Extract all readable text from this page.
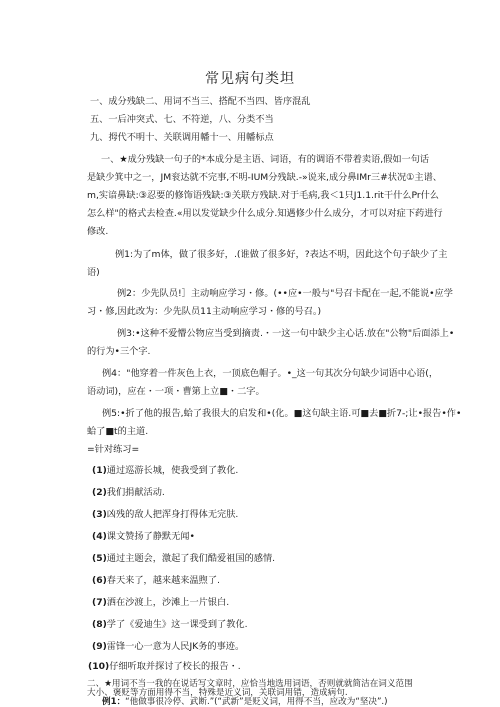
常见病句类坦
一、成分残缺二、用词不当三、搭配不当四、皆序混乱
五、一后冲突式、七、不符逆，八、分类不当
九、拇代不明十、关联调用幡十一、用幡标点
一、★成分残缺一句子的*本成分是主语、词语，有的调语不带着卖语,假如一句话
是缺少箕中之一，JM衮达就不完事,不明-IUM分残缺.-»说来,成分鼻IMr三#状况①主谱、
m,实谙鼻缺:③忍要的修饰语残缺:③关联方残缺.对于毛病,我＜1只J1.1.rit干什么Pr什么
怎么样"的格式去检查.«用以发觉缺少什么成分.知遇修少什么成分，才可以对症下药进行
修改.
例1:为了m体，做了很多好，.(谁做了很多好，?表达不明，因此这个句子缺少了主
语)
例2：少先队员!］主动响应学习・修。(••应•一般与"号召卡配在一起,不能说•应学
习・修,因此改为：少先队员11主动响应学习・修的号召。)
例3:•这种不爱懵公物应当受到摘责.・一这一句中缺少主心话.放在"公物"后面添上•
的行为•三个字.
例4："他穿着一件灰色上衣，一顶底色帽子。•_这一句其次分句缺少词语中心语(，
语动词)，应在・一项・曹第上立■・二字。
例5:•折了他的报告,蛤了我很大的启发和•(化。■这句缺主语.可■去■折7-;让•报告•作•
蛤了■t的主道.
=针对练习=
(1)通过巡游长城，使我受到了教化.
(2)我们捐献活动.
(3)凶残的敌人把浑身打得体无完肤.
(4)课文赞扬了静默无闻•
(5)通过主题会，激起了我们酷爱祖国的感情.
(6)春天来了，越来越来温煦了.
(7)洒在沙渡上，沙滩上一片银白.
(8)学了《爱迪生》这一课受到了教化.
(9)雷锋一心一意为人民JK务的事迹。
(10)仔细听取并探讨了校长的报告・.
二、★用词不当一我的在说话写文章时，应恰当地选用词语，否则就就简洁在词义范围
大小、褒贬等方面用得不当，特殊是近义词，关联词用错，造成病句.
例1：“他做事很冷停、武断.”(“武新”是贬义词，用得不当，应改为“坚决”.)
